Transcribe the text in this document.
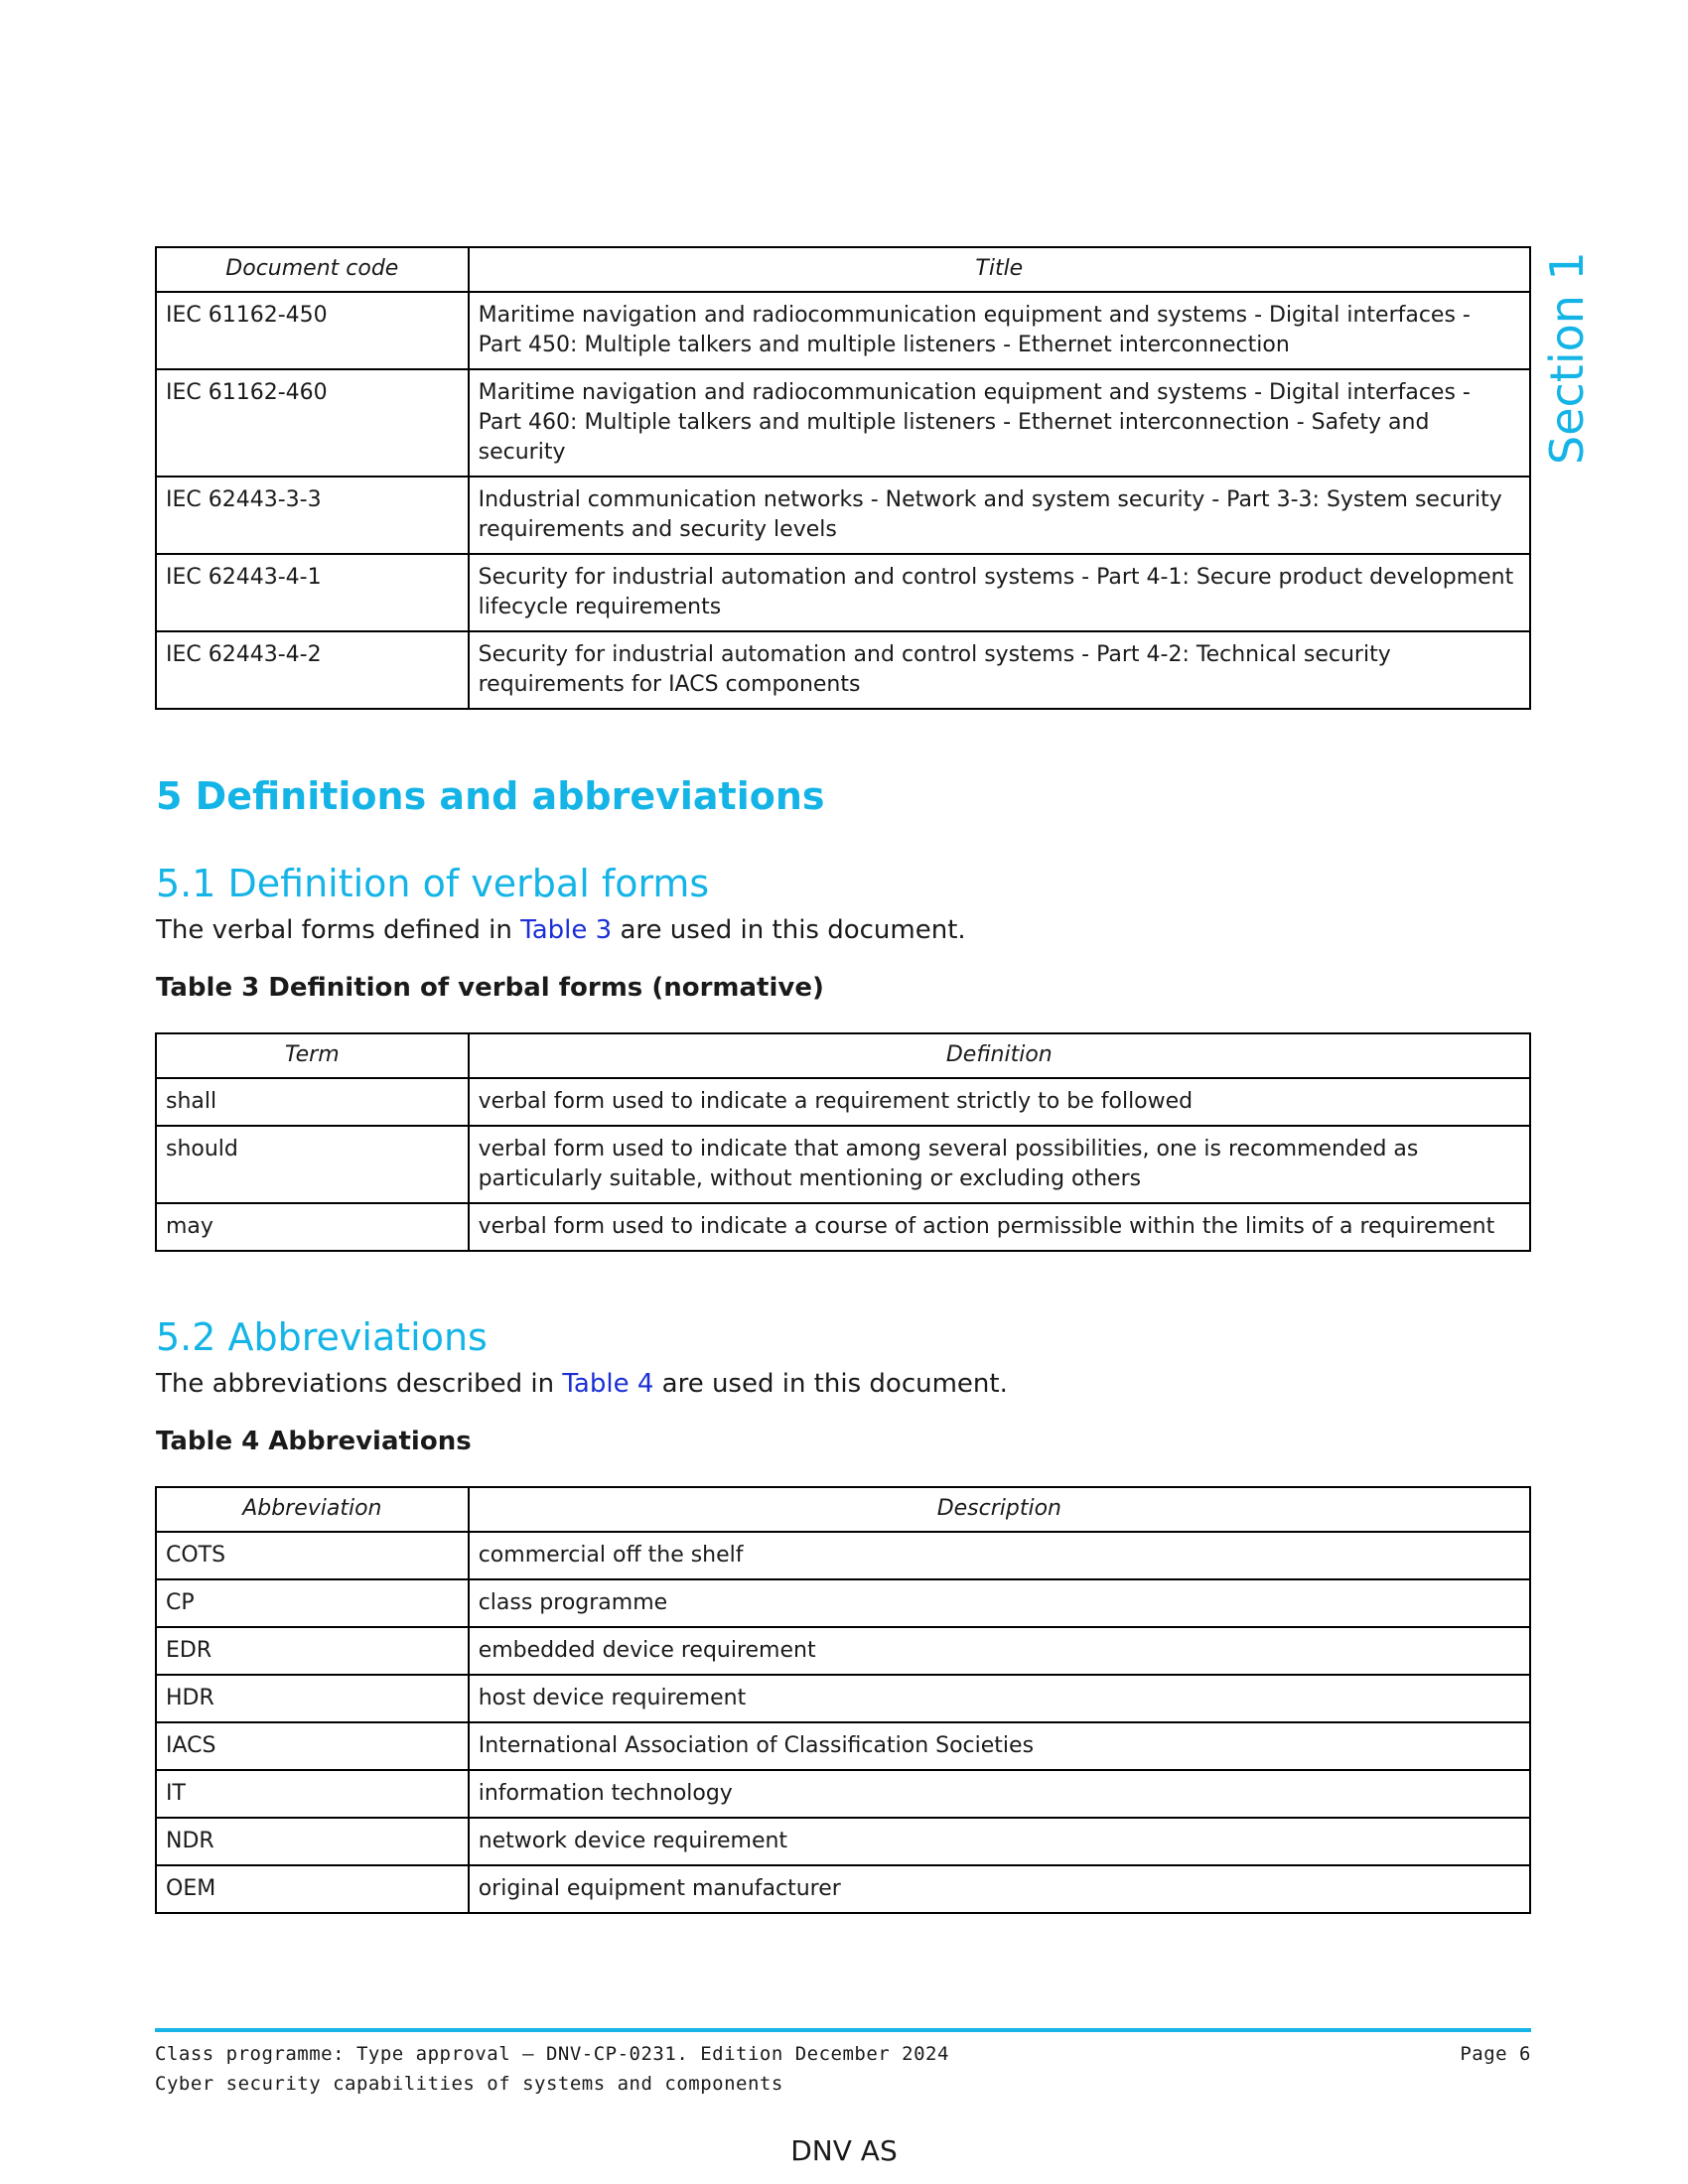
Section 1
Document code	Title
IEC 61162-450	Maritime navigation and radiocommunication equipment and systems - Digital interfaces - Part 450: Multiple talkers and multiple listeners - Ethernet interconnection
IEC 61162-460	Maritime navigation and radiocommunication equipment and systems - Digital interfaces - Part 460: Multiple talkers and multiple listeners - Ethernet interconnection - Safety and security
IEC 62443-3-3	Industrial communication networks - Network and system security - Part 3-3: System security requirements and security levels
IEC 62443-4-1	Security for industrial automation and control systems - Part 4-1: Secure product development lifecycle requirements
IEC 62443-4-2	Security for industrial automation and control systems - Part 4-2: Technical security requirements for IACS components
5 Definitions and abbreviations
5.1 Definition of verbal forms

The verbal forms defined in Table 3 are used in this document.

Table 3 Definition of verbal forms (normative)

Term	Definition
shall	verbal form used to indicate a requirement strictly to be followed
should	verbal form used to indicate that among several possibilities, one is recommended as particularly suitable, without mentioning or excluding others
may	verbal form used to indicate a course of action permissible within the limits of a requirement
5.2 Abbreviations

The abbreviations described in Table 4 are used in this document.

Table 4 Abbreviations

Abbreviation	Description
COTS	commercial off the shelf
CP	class programme
EDR	embedded device requirement
HDR	host device requirement
IACS	International Association of Classification Societies
IT	information technology
NDR	network device requirement
OEM	original equipment manufacturer
Class programme: Type approval — DNV-CP-0231. Edition December 2024
Cyber security capabilities of systems and components
Page 6
DNV AS
